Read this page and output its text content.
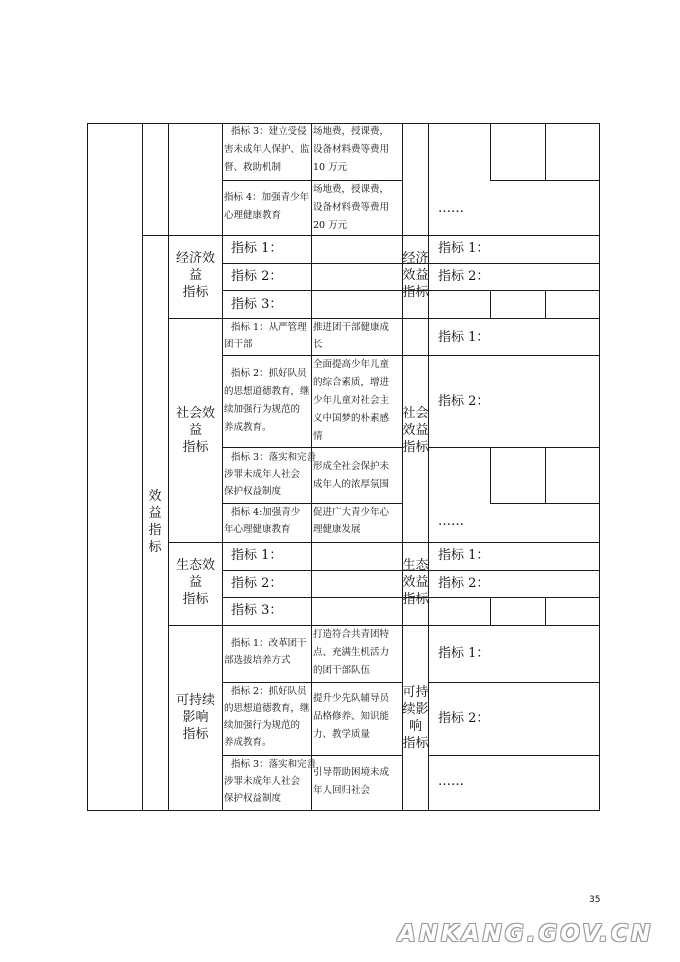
效
益
指
标
指标 3：建立受侵
害未成年人保护、监
督、救助机制
场地费，授课费，
设备材料费等费用
10 万元
指标 4：加强青少年
心理健康教育
场地费，授课费，
设备材料费等费用
20 万元
……
经济效
益
指标
指标 1：
指标 2：
指标 3：
经济
效益
指标
指标 1：
指标 2：
社会效
益
指标
指标 1：从严管理
团干部
推进团干部健康成
长
指标 2：抓好队员
的思想道德教育，继
续加强行为规范的
养成教育。
全面提高少年儿童
的综合素质，增进
少年儿童对社会主
义中国梦的朴素感
情
指标 3：落实和完善
涉罪未成年人社会
保护权益制度
形成全社会保护未
成年人的浓厚氛围
指标 4:加强青少
年心理健康教育
促进广大青少年心
理健康发展
社会
效益
指标
指标 1：
指标 2：
……
生态效
益
指标
指标 1：
指标 2：
指标 3：
生态
效益
指标
指标 1：
指标 2：
可持续
影响
指标
指标 1：改革团干
部选拔培养方式
打造符合共青团特
点、充满生机活力
的团干部队伍
指标 2：抓好队员
的思想道德教育，继
续加强行为规范的
养成教育。
提升少先队辅导员
品格修养、知识能
力、教学质量
指标 3：落实和完善
涉罪未成年人社会
保护权益制度
引导帮助困境未成
年人回归社会
可持
续影
响
指标
指标 1：
指标 2：
……
35
ANKANG.GOV.CN
